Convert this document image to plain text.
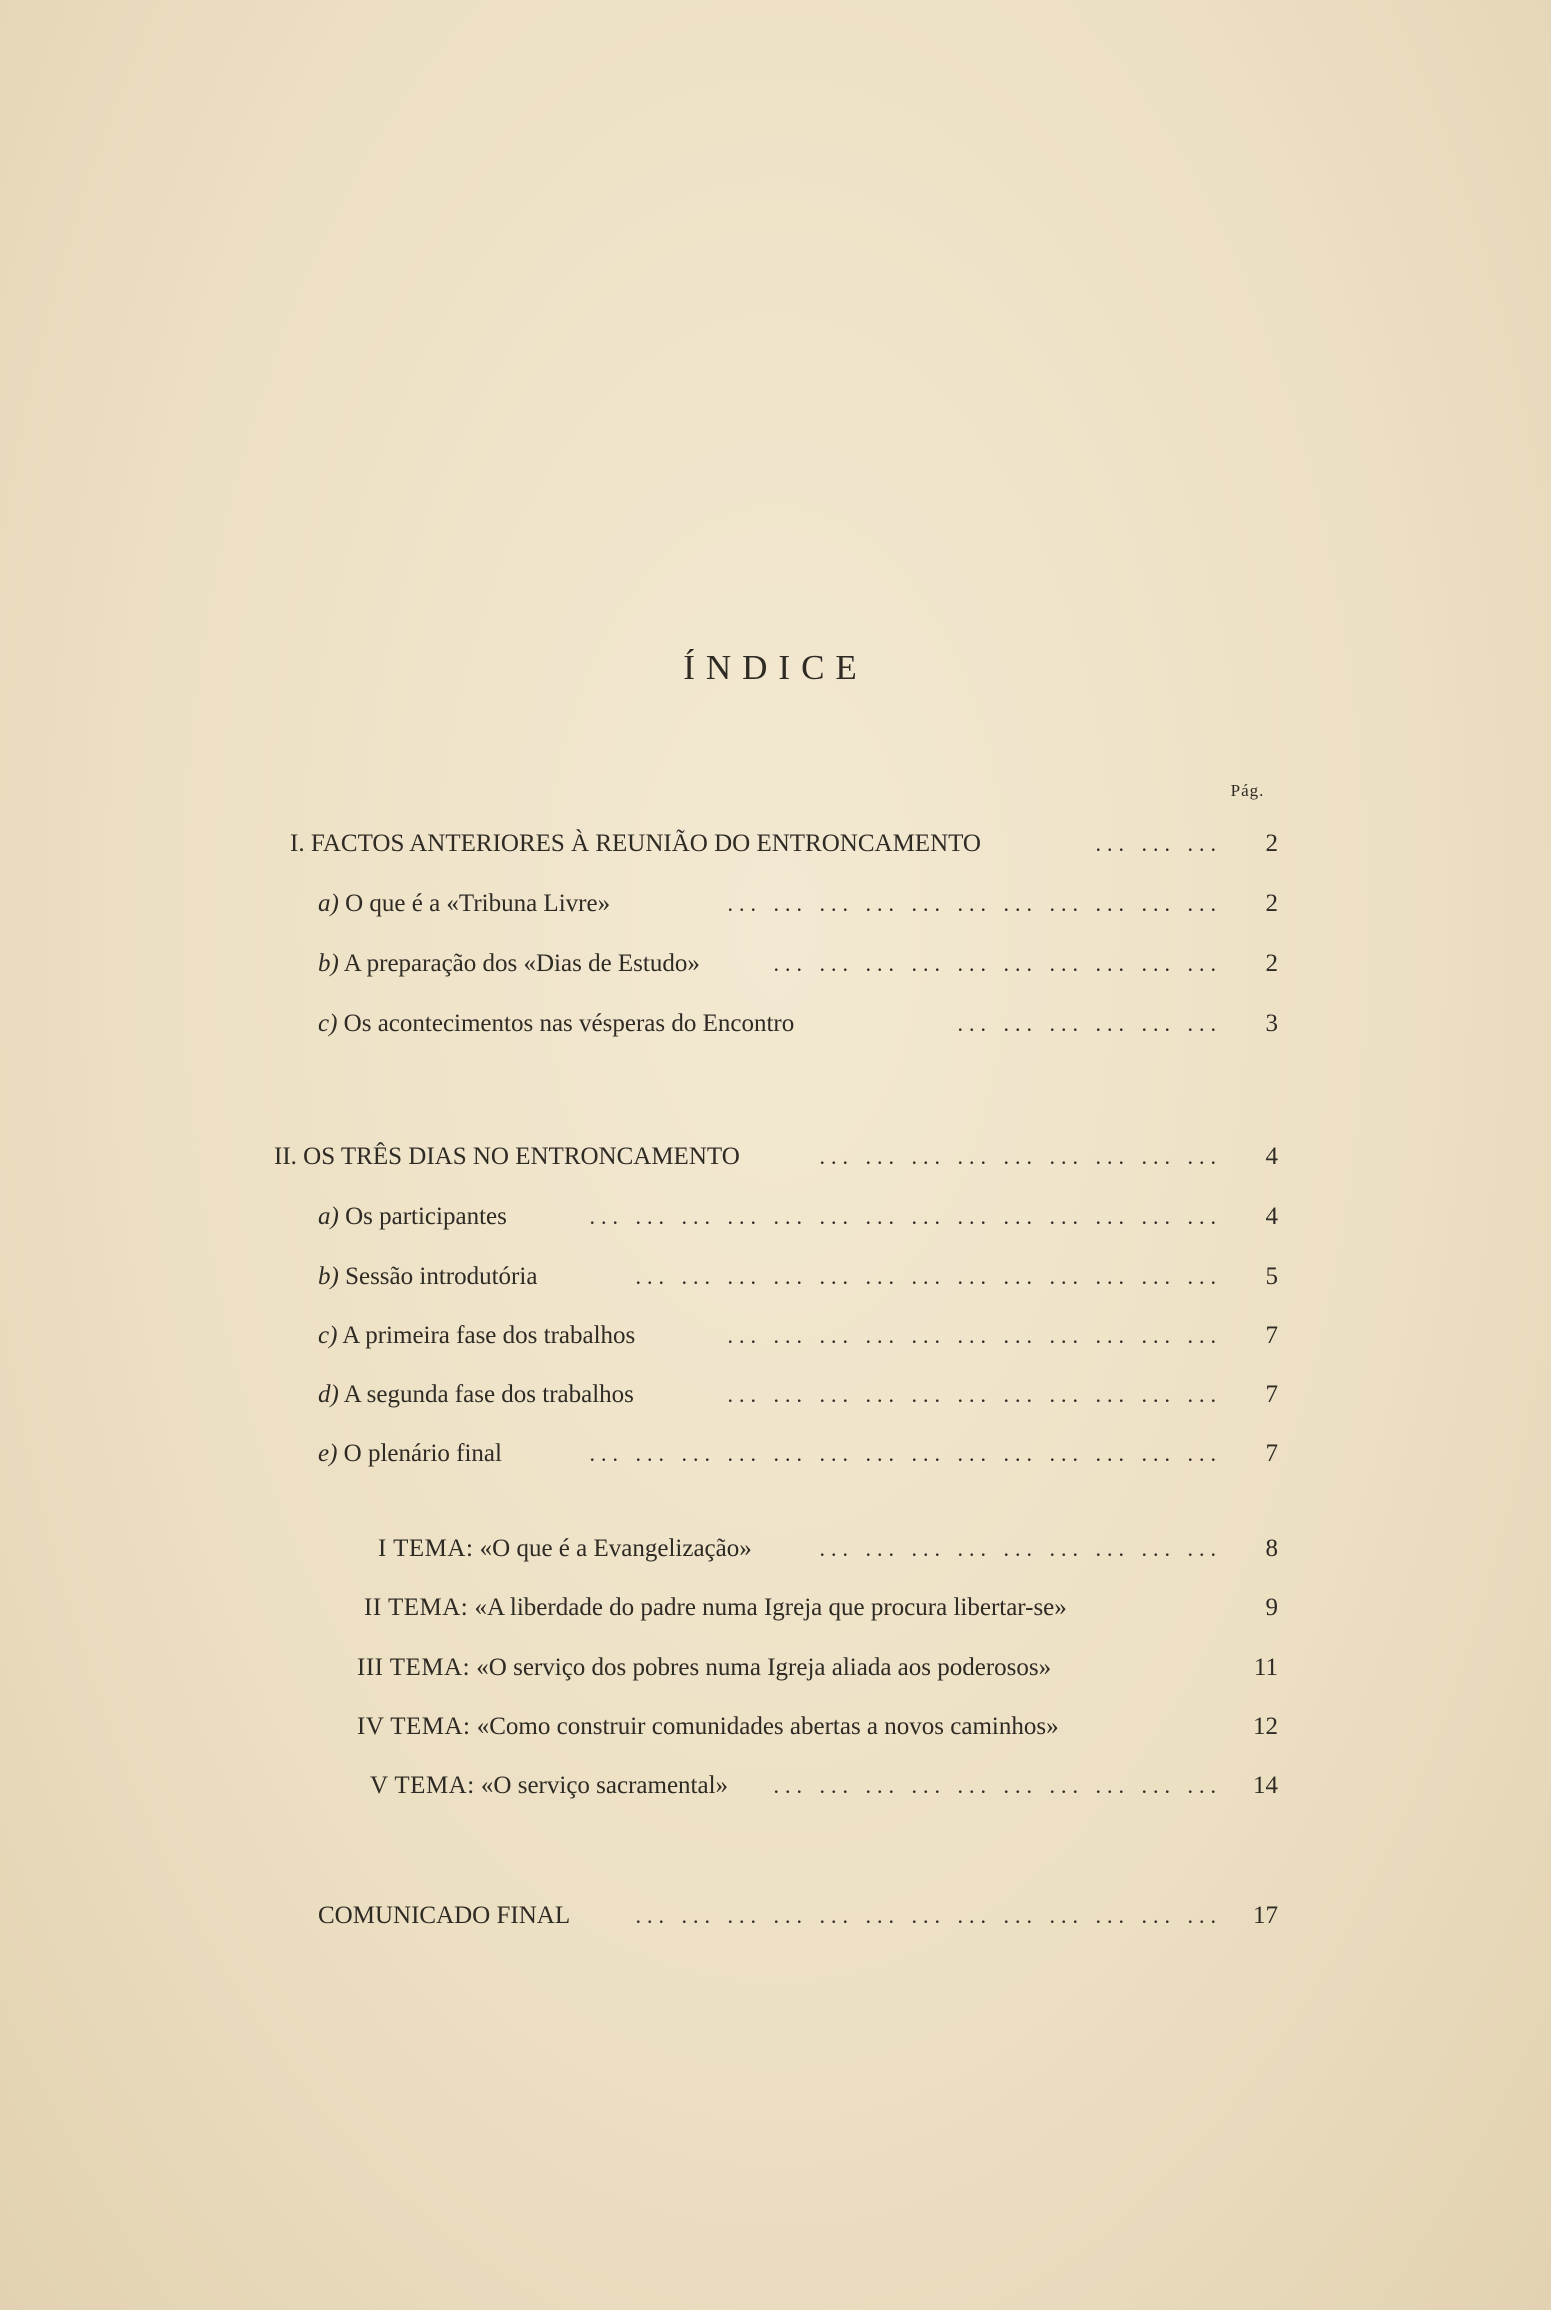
ÍNDICE
Pág.
I. FACTOS ANTERIORES À REUNIÃO DO ENTRONCAMENTO	... ... ...	2
a) O que é a «Tribuna Livre»	... ... ... ... ... ... ... ... ... ... ...	2
b) A preparação dos «Dias de Estudo»	... ... ... ... ... ... ... ... ... ...	2
c) Os acontecimentos nas vésperas do Encontro	... ... ... ... ... ...	3
II. OS TRÊS DIAS NO ENTRONCAMENTO	... ... ... ... ... ... ... ... ...	4
a) Os participantes	... ... ... ... ... ... ... ... ... ... ... ... ... ...	4
b) Sessão introdutória	... ... ... ... ... ... ... ... ... ... ... ... ...	5
c) A primeira fase dos trabalhos	... ... ... ... ... ... ... ... ... ... ...	7
d) A segunda fase dos trabalhos	... ... ... ... ... ... ... ... ... ... ...	7
e) O plenário final	... ... ... ... ... ... ... ... ... ... ... ... ... ...	7
I TEMA: «O que é a Evangelização»	... ... ... ... ... ... ... ... ...	8
II TEMA: «A liberdade do padre numa Igreja que procura libertar-se»	9
III TEMA: «O serviço dos pobres numa Igreja aliada aos poderosos»	11
IV TEMA: «Como construir comunidades abertas a novos caminhos»	12
V TEMA: «O serviço sacramental» ... ... ... ... ... ... ... ... ... ...	14
COMUNICADO FINAL	... ... ... ... ... ... ... ... ... ... ... ... ...	17
